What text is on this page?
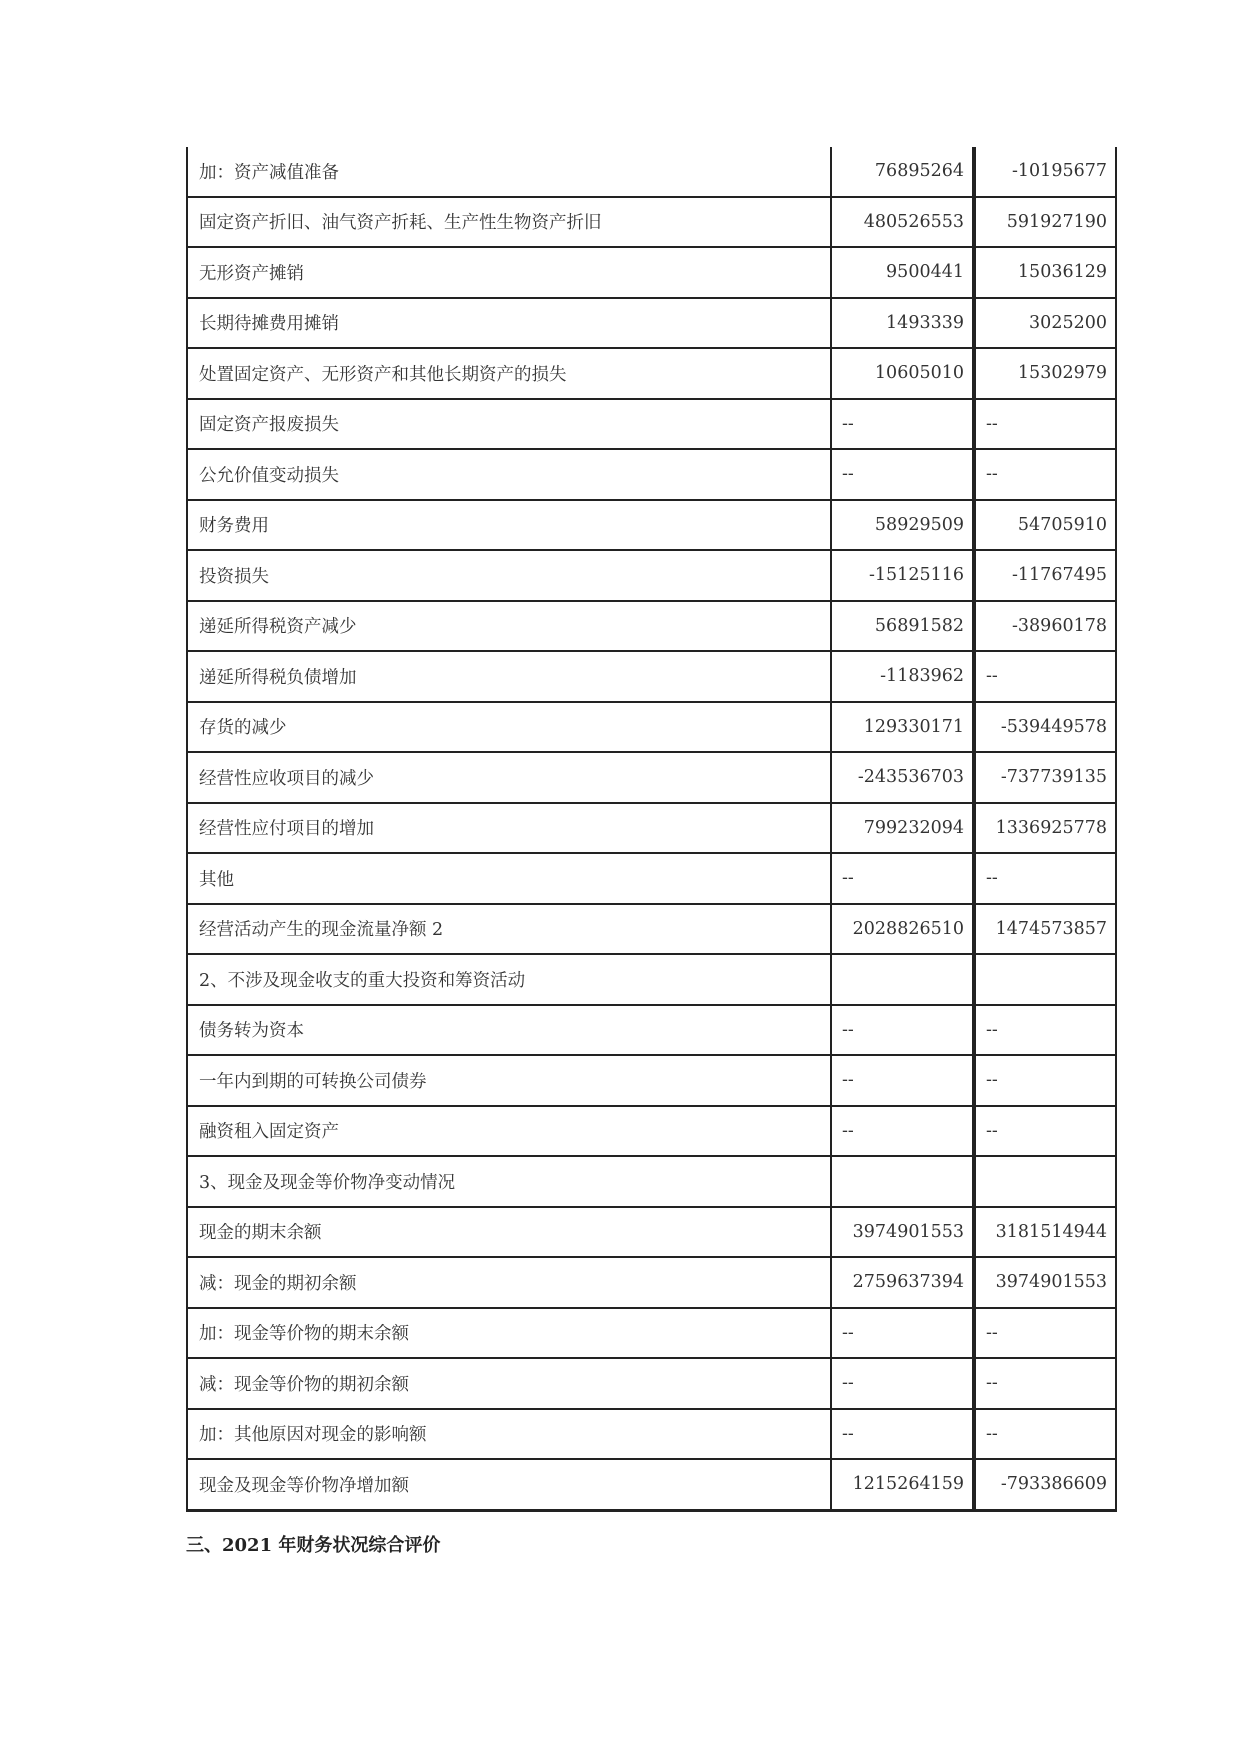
加：资产减值准备	76895264	-10195677
固定资产折旧、油气资产折耗、生产性生物资产折旧	480526553	591927190
无形资产摊销	9500441	15036129
长期待摊费用摊销	1493339	3025200
处置固定资产、无形资产和其他长期资产的损失	10605010	15302979
固定资产报废损失	--	--
公允价值变动损失	--	--
财务费用	58929509	54705910
投资损失	-15125116	-11767495
递延所得税资产减少	56891582	-38960178
递延所得税负债增加	-1183962	--
存货的减少	129330171	-539449578
经营性应收项目的减少	-243536703	-737739135
经营性应付项目的增加	799232094	1336925778
其他	--	--
经营活动产生的现金流量净额 2	2028826510	1474573857
2、不涉及现金收支的重大投资和筹资活动		
债务转为资本	--	--
一年内到期的可转换公司债券	--	--
融资租入固定资产	--	--
3、现金及现金等价物净变动情况		
现金的期末余额	3974901553	3181514944
减：现金的期初余额	2759637394	3974901553
加：现金等价物的期末余额	--	--
减：现金等价物的期初余额	--	--
加：其他原因对现金的影响额	--	--
现金及现金等价物净增加额	1215264159	-793386609
三、2021 年财务状况综合评价
